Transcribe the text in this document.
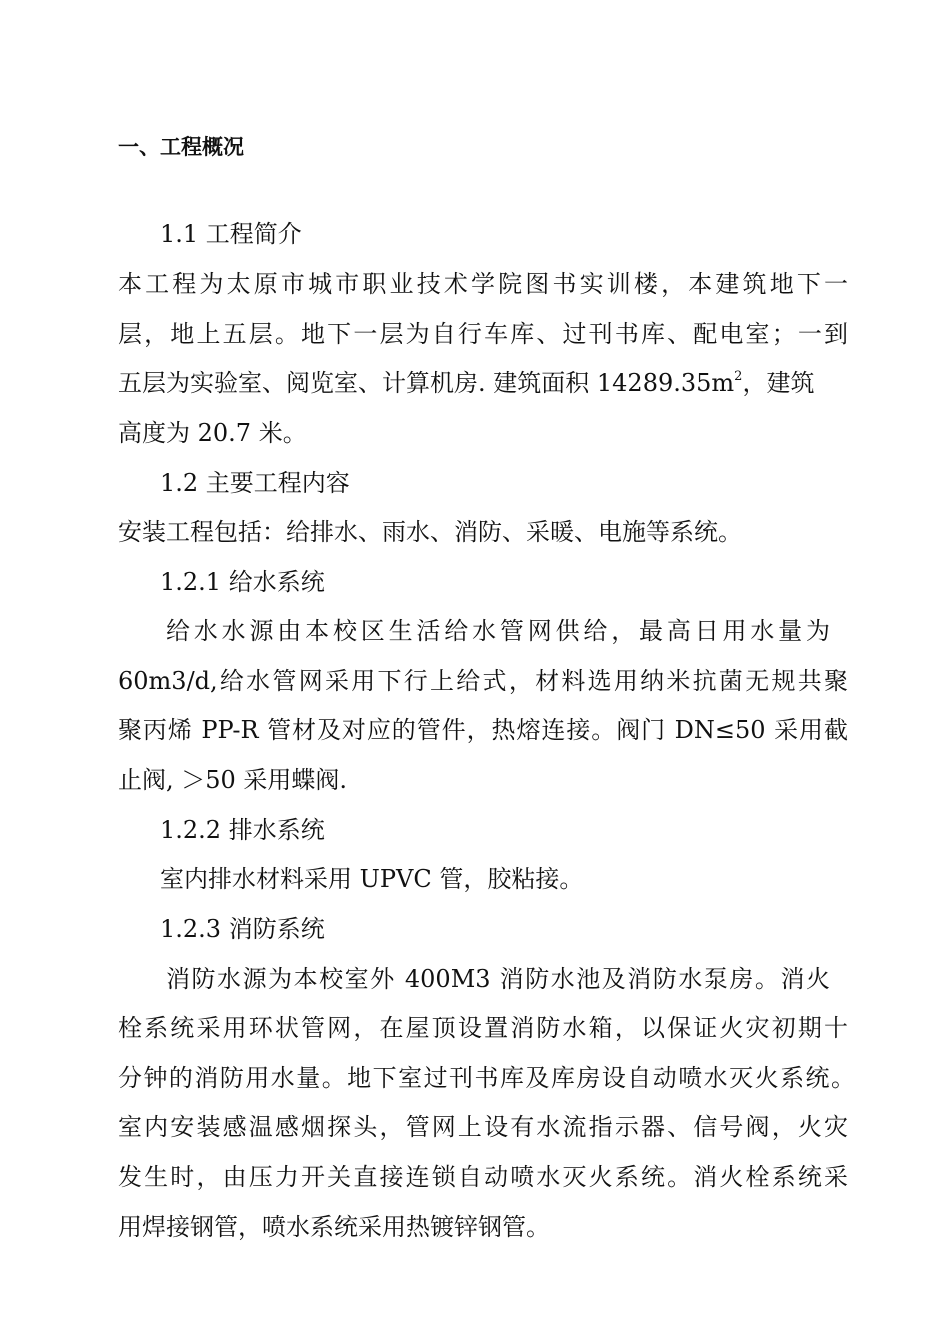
一、工程概况
1.1 工程简介
本工程为太原市城市职业技术学院图书实训楼，本建筑地下一
层，地上五层。地下一层为自行车库、过刊书库、配电室；一到
五层为实验室、阅览室、计算机房. 建筑面积 $14289.35m^2$，建筑
高度为 20.7 米。
1.2 主要工程内容
安装工程包括：给排水、雨水、消防、采暖、电施等系统。
1.2.1 给水系统
给水水源由本校区生活给水管网供给，最高日用水量为
60m3/d,给水管网采用下行上给式，材料选用纳米抗菌无规共聚
聚丙烯 PP-R 管材及对应的管件，热熔连接。阀门 DN≤50 采用截
止阀, ＞50 采用蝶阀.
1.2.2 排水系统
室内排水材料采用 UPVC 管，胶粘接。
1.2.3 消防系统
消防水源为本校室外 400M3 消防水池及消防水泵房。消火
栓系统采用环状管网，在屋顶设置消防水箱，以保证火灾初期十
分钟的消防用水量。地下室过刊书库及库房设自动喷水灭火系统。
室内安装感温感烟探头，管网上设有水流指示器、信号阀，火灾
发生时，由压力开关直接连锁自动喷水灭火系统。消火栓系统采
用焊接钢管，喷水系统采用热镀锌钢管。
